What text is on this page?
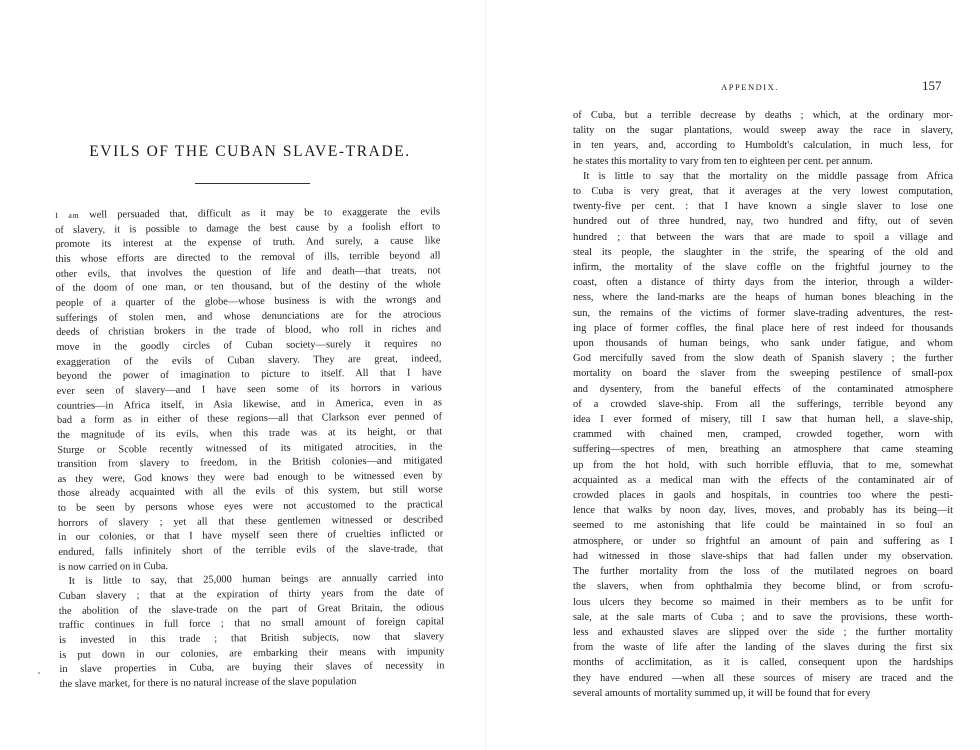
EVILS OF THE CUBAN SLAVE-TRADE.
I am well persuaded that, difficult as it may be to exaggerate the evils
of slavery, it is possible to damage the best cause by a foolish effort to
promote its interest at the expense of truth. And surely, a cause like
this whose efforts are directed to the removal of ills, terrible beyond all
other evils, that involves the question of life and death—that treats, not
of the doom of one man, or ten thousand, but of the destiny of the whole
people of a quarter of the globe—whose business is with the wrongs and
sufferings of stolen men, and whose denunciations are for the atrocious
deeds of christian brokers in the trade of blood, who roll in riches and
move in the goodly circles of Cuban society—surely it requires no
exaggeration of the evils of Cuban slavery. They are great, indeed,
beyond the power of imagination to picture to itself. All that I have
ever seen of slavery—and I have seen some of its horrors in various
countries—in Africa itself, in Asia likewise, and in America, even in as
bad a form as in either of these regions—all that Clarkson ever penned of
the magnitude of its evils, when this trade was at its height, or that
Sturge or Scoble recently witnessed of its mitigated atrocities, in the
transition from slavery to freedom, in the British colonies—and mitigated
as they were, God knows they were bad enough to be witnessed even by
those already acquainted with all the evils of this system, but still worse
to be seen by persons whose eyes were not accustomed to the practical
horrors of slavery ; yet all that these gentlemen witnessed or described
in our colonies, or that I have myself seen there of cruelties inflicted or
endured, falls infinitely short of the terrible evils of the slave-trade, that
is now carried on in Cuba.
It is little to say, that 25,000 human beings are annually carried into
Cuban slavery ; that at the expiration of thirty years from the date of
the abolition of the slave-trade on the part of Great Britain, the odious
traffic continues in full force ; that no small amount of foreign capital
is invested in this trade ; that British subjects, now that slavery
is put down in our colonies, are embarking their means with impunity
in slave properties in Cuba, are buying their slaves of necessity in
the slave market, for there is no natural increase of the slave population

APPENDIX.	157

of Cuba, but a terrible decrease by deaths ; which, at the ordinary mor-
tality on the sugar plantations, would sweep away the race in slavery,
in ten years, and, according to Humboldt's calculation, in much less, for
he states this mortality to vary from ten to eighteen per cent. per annum.
It is little to say that the mortality on the middle passage from Africa
to Cuba is very great, that it averages at the very lowest computation,
twenty-five per cent. : that I have known a single slaver to lose one
hundred out of three hundred, nay, two hundred and fifty, out of seven
hundred ; that between the wars that are made to spoil a village and
steal its people, the slaughter in the strife, the spearing of the old and
infirm, the mortality of the slave coffle on the frightful journey to the
coast, often a distance of thirty days from the interior, through a wilder-
ness, where the land-marks are the heaps of human bones bleaching in the
sun, the remains of the victims of former slave-trading adventures, the rest-
ing place of former coffles, the final place here of rest indeed for thousands
upon thousands of human beings, who sank under fatigue, and whom
God mercifully saved from the slow death of Spanish slavery ; the further
mortality on board the slaver from the sweeping pestilence of small-pox
and dysentery, from the baneful effects of the contaminated atmosphere
of a crowded slave-ship. From all the sufferings, terrible beyond any
idea I ever formed of misery, till I saw that human hell, a slave-ship,
crammed with chained men, cramped, crowded together, worn with
suffering—spectres of men, breathing an atmosphere that came steaming
up from the hot hold, with such horrible effluvia, that to me, somewhat
acquainted as a medical man with the effects of the contaminated air of
crowded places in gaols and hospitals, in countries too where the pesti-
lence that walks by noon day, lives, moves, and probably has its being—it
seemed to me astonishing that life could be maintained in so foul an
atmosphere, or under so frightful an amount of pain and suffering as I
had witnessed in those slave-ships that had fallen under my observation.
The further mortality from the loss of the mutilated negroes on board
the slavers, when from ophthalmia they become blind, or from scrofu-
lous ulcers they become so maimed in their members as to be unfit for
sale, at the sale marts of Cuba ; and to save the provisions, these worth-
less and exhausted slaves are slipped over the side ; the further mortality
from the waste of life after the landing of the slaves during the first six
months of acclimitation, as it is called, consequent upon the hardships
they have endured —when all these sources of misery are traced and the
several amounts of mortality summed up, it will be found that for every
